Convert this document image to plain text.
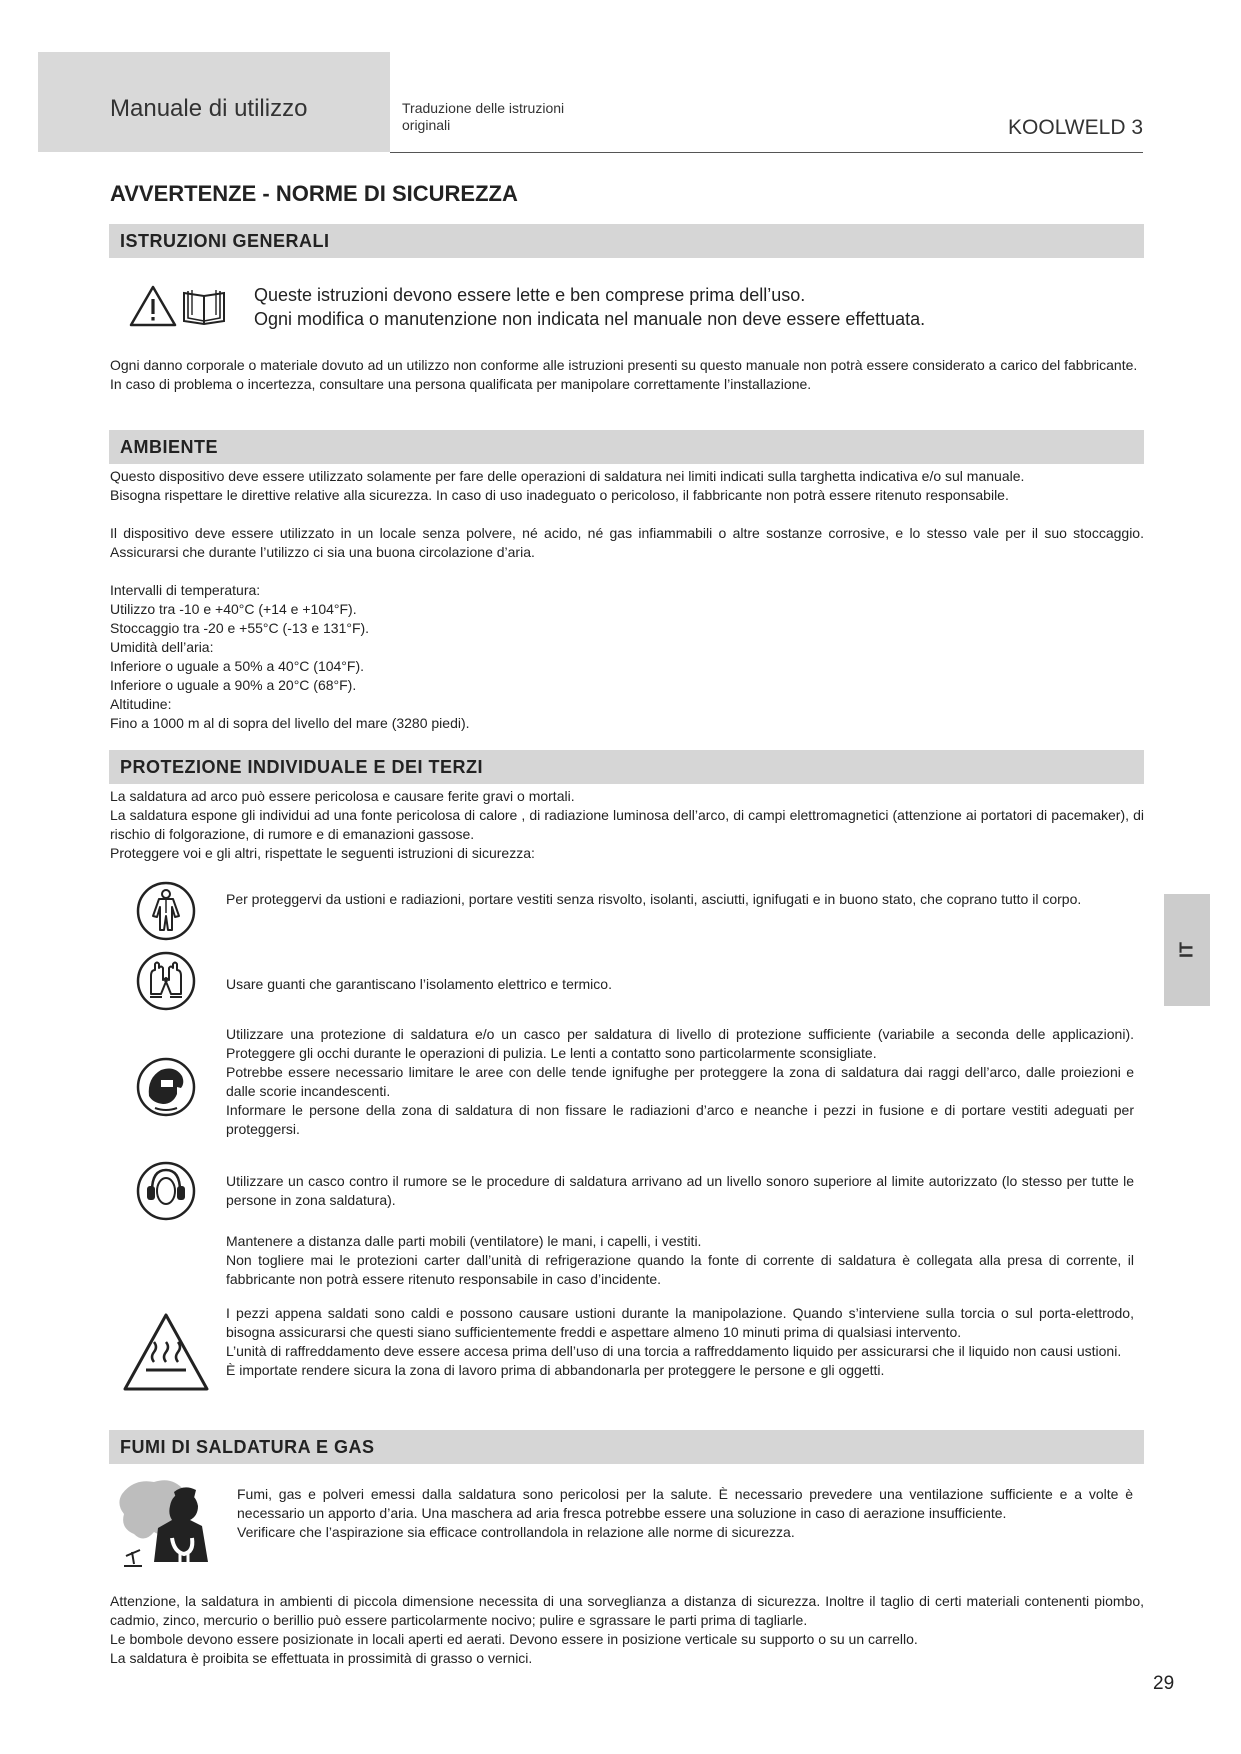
Manuale di utilizzo	Traduzione delle istruzioni
originali	KOOLWELD 3
AVVERTENZE - NORME DI SICUREZZA
ISTRUZIONI GENERALI

Queste istruzioni devono essere lette e ben comprese prima dell’uso.

Ogni modifica o manutenzione non indicata nel manuale non deve essere effettuata.

Ogni danno corporale o materiale dovuto ad un utilizzo non conforme alle istruzioni presenti su questo manuale non potrà essere considerato a carico del fabbricante.

In caso di problema o incertezza, consultare una persona qualificata per manipolare correttamente l’installazione.

AMBIENTE

Questo dispositivo deve essere utilizzato solamente per fare delle operazioni di saldatura nei limiti indicati sulla targhetta indicativa e/o sul manuale.

Bisogna rispettare le direttive relative alla sicurezza. In caso di uso inadeguato o pericoloso, il fabbricante non potrà essere ritenuto responsabile.

Il dispositivo deve essere utilizzato in un locale senza polvere, né acido, né gas infiammabili o altre sostanze corrosive, e lo stesso vale per il suo stoccaggio. Assicurarsi che durante l’utilizzo ci sia una buona circolazione d’aria.

Intervalli di temperatura:

Utilizzo tra -10 e +40°C (+14 e +104°F).

Stoccaggio tra -20 e +55°C (-13 e 131°F).

Umidità dell’aria:

Inferiore o uguale a 50% a 40°C (104°F).

Inferiore o uguale a 90% a 20°C (68°F).

Altitudine:

Fino a 1000 m al di sopra del livello del mare (3280 piedi).

PROTEZIONE INDIVIDUALE E DEI TERZI

La saldatura ad arco può essere pericolosa e causare ferite gravi o mortali.

La saldatura espone gli individui ad una fonte pericolosa di calore , di radiazione luminosa dell’arco, di campi elettromagnetici (attenzione ai portatori di pacemaker), di rischio di folgorazione, di rumore e di emanazioni gassose.

Proteggere voi e gli altri, rispettate le seguenti istruzioni di sicurezza:

Per proteggervi da ustioni e radiazioni, portare vestiti senza risvolto, isolanti, asciutti, ignifugati e in buono stato, che coprano tutto il corpo.
Usare guanti che garantiscano l’isolamento elettrico e termico.

Utilizzare una protezione di saldatura e/o un casco per saldatura di livello di protezione sufficiente (variabile a seconda delle applicazioni). Proteggere gli occhi durante le operazioni di pulizia. Le lenti a contatto sono particolarmente sconsigliate.

Potrebbe essere necessario limitare le aree con delle tende ignifughe per proteggere la zona di saldatura dai raggi dell’arco, dalle proiezioni e dalle scorie incandescenti.

Informare le persone della zona di saldatura di non fissare le radiazioni d’arco e neanche i pezzi in fusione e di portare vestiti adeguati per proteggersi.

Utilizzare un casco contro il rumore se le procedure di saldatura arrivano ad un livello sonoro superiore al limite autorizzato (lo stesso per tutte le persone in zona saldatura).

Mantenere a distanza dalle parti mobili (ventilatore) le mani, i capelli, i vestiti.

Non togliere mai le protezioni carter dall’unità di refrigerazione quando la fonte di corrente di saldatura è collegata alla presa di corrente, il fabbricante non potrà essere ritenuto responsabile in caso d’incidente.

I pezzi appena saldati sono caldi e possono causare ustioni durante la manipolazione. Quando s’interviene sulla torcia o sul porta-elettrodo, bisogna assicurarsi che questi siano sufficientemente freddi e aspettare almeno 10 minuti prima di qualsiasi intervento.

L’unità di raffreddamento deve essere accesa prima dell’uso di una torcia a raffreddamento liquido per assicurarsi che il liquido non causi ustioni.

È importate rendere sicura la zona di lavoro prima di abbandonarla per proteggere le persone e gli oggetti.

FUMI DI SALDATURA E GAS

Fumi, gas e polveri emessi dalla saldatura sono pericolosi per la salute. È necessario prevedere una ventilazione sufficiente e a volte è necessario un apporto d’aria. Una maschera ad aria fresca potrebbe essere una soluzione in caso di aerazione insufficiente.

Verificare che l’aspirazione sia efficace controllandola in relazione alle norme di sicurezza.

Attenzione, la saldatura in ambienti di piccola dimensione necessita di una sorveglianza a distanza di sicurezza. Inoltre il taglio di certi materiali contenenti piombo, cadmio, zinco, mercurio o berillio può essere particolarmente nocivo; pulire e sgrassare le parti prima di tagliarle.

Le bombole devono essere posizionate in locali aperti ed aerati. Devono essere in posizione verticale su supporto o su un carrello.

La saldatura è proibita se effettuata in prossimità di grasso o vernici.

IT
29
